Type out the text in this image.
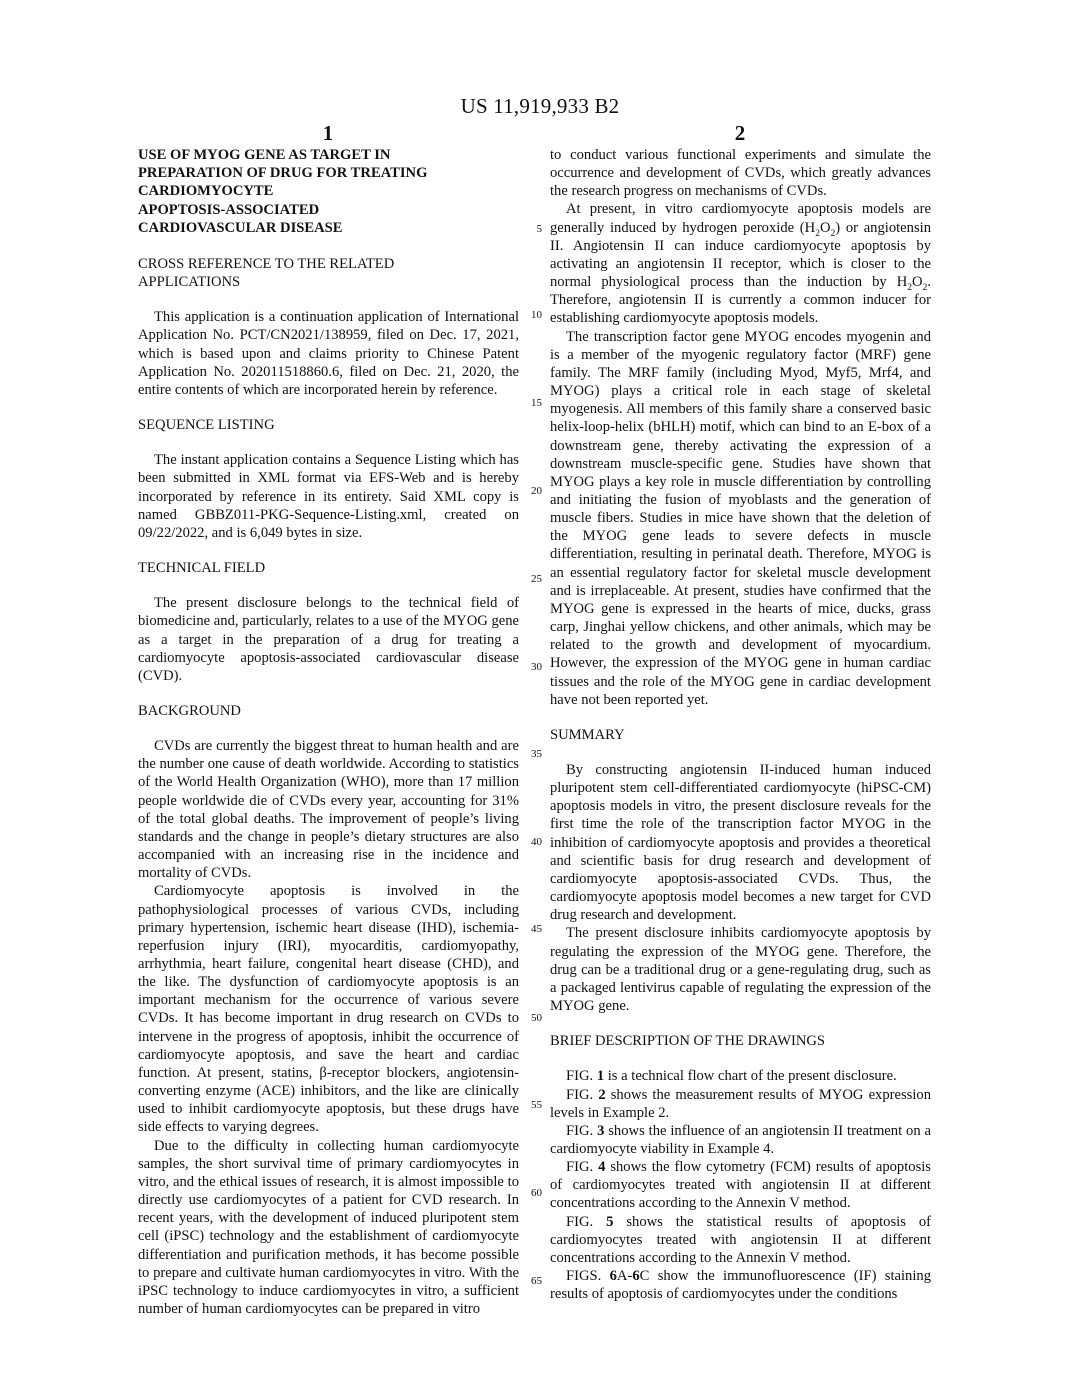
US 11,919,933 B2
1	2

USE OF MYOG GENE AS TARGET IN

PREPARATION OF DRUG FOR TREATING

CARDIOMYOCYTE

APOPTOSIS-ASSOCIATED

CARDIOVASCULAR DISEASE

CROSS REFERENCE TO THE RELATED

APPLICATIONS

This application is a continuation application of International Application No. PCT/CN2021/138959, filed on Dec. 17, 2021, which is based upon and claims priority to Chinese Patent Application No. 202011518860.6, filed on Dec. 21, 2020, the entire contents of which are incorporated herein by reference.

SEQUENCE LISTING

The instant application contains a Sequence Listing which has been submitted in XML format via EFS-Web and is hereby incorporated by reference in its entirety. Said XML copy is named GBBZ011-PKG-Sequence-Listing.xml, created on 09/22/2022, and is 6,049 bytes in size.

TECHNICAL FIELD

The present disclosure belongs to the technical field of biomedicine and, particularly, relates to a use of the MYOG gene as a target in the preparation of a drug for treating a cardiomyocyte apoptosis-associated cardiovascular disease (CVD).

BACKGROUND

CVDs are currently the biggest threat to human health and are the number one cause of death worldwide. According to statistics of the World Health Organization (WHO), more than 17 million people worldwide die of CVDs every year, accounting for 31% of the total global deaths. The improvement of people’s living standards and the change in people’s dietary structures are also accompanied with an increasing rise in the incidence and mortality of CVDs.

Cardiomyocyte apoptosis is involved in the pathophysiological processes of various CVDs, including primary hypertension, ischemic heart disease (IHD), ischemia-reperfusion injury (IRI), myocarditis, cardiomyopathy, arrhythmia, heart failure, congenital heart disease (CHD), and the like. The dysfunction of cardiomyocyte apoptosis is an important mechanism for the occurrence of various severe CVDs. It has become important in drug research on CVDs to intervene in the progress of apoptosis, inhibit the occurrence of cardiomyocyte apoptosis, and save the heart and cardiac function. At present, statins, β-receptor blockers, angiotensin-converting enzyme (ACE) inhibitors, and the like are clinically used to inhibit cardiomyocyte apoptosis, but these drugs have side effects to varying degrees.

Due to the difficulty in collecting human cardiomyocyte samples, the short survival time of primary cardiomyocytes in vitro, and the ethical issues of research, it is almost impossible to directly use cardiomyocytes of a patient for CVD research. In recent years, with the development of induced pluripotent stem cell (iPSC) technology and the establishment of cardiomyocyte differentiation and purification methods, it has become possible to prepare and cultivate human cardiomyocytes in vitro. With the iPSC technology to induce cardiomyocytes in vitro, a sufficient number of human cardiomyocytes can be prepared in vitro

5
10
15
20
25
30
35
40
45
50
55
60
65

to conduct various functional experiments and simulate the occurrence and development of CVDs, which greatly advances the research progress on mechanisms of CVDs.

At present, in vitro cardiomyocyte apoptosis models are generally induced by hydrogen peroxide $(H_2O_2)$ or angiotensin II. Angiotensin II can induce cardiomyocyte apoptosis by activating an angiotensin II receptor, which is closer to the normal physiological process than the induction by $H_2O_2$. Therefore, angiotensin II is currently a common inducer for establishing cardiomyocyte apoptosis models.

The transcription factor gene MYOG encodes myogenin and is a member of the myogenic regulatory factor (MRF) gene family. The MRF family (including Myod, Myf5, Mrf4, and MYOG) plays a critical role in each stage of skeletal myogenesis. All members of this family share a conserved basic helix-loop-helix (bHLH) motif, which can bind to an E-box of a downstream gene, thereby activating the expression of a downstream muscle-specific gene. Studies have shown that MYOG plays a key role in muscle differentiation by controlling and initiating the fusion of myoblasts and the generation of muscle fibers. Studies in mice have shown that the deletion of the MYOG gene leads to severe defects in muscle differentiation, resulting in perinatal death. Therefore, MYOG is an essential regulatory factor for skeletal muscle development and is irreplaceable. At present, studies have confirmed that the MYOG gene is expressed in the hearts of mice, ducks, grass carp, Jinghai yellow chickens, and other animals, which may be related to the growth and development of myocardium. However, the expression of the MYOG gene in human cardiac tissues and the role of the MYOG gene in cardiac development have not been reported yet.

SUMMARY

By constructing angiotensin II-induced human induced pluripotent stem cell-differentiated cardiomyocyte (hiPSC-CM) apoptosis models in vitro, the present disclosure reveals for the first time the role of the transcription factor MYOG in the inhibition of cardiomyocyte apoptosis and provides a theoretical and scientific basis for drug research and development of cardiomyocyte apoptosis-associated CVDs. Thus, the cardiomyocyte apoptosis model becomes a new target for CVD drug research and development.

The present disclosure inhibits cardiomyocyte apoptosis by regulating the expression of the MYOG gene. Therefore, the drug can be a traditional drug or a gene-regulating drug, such as a packaged lentivirus capable of regulating the expression of the MYOG gene.

BRIEF DESCRIPTION OF THE DRAWINGS

FIG. 1 is a technical flow chart of the present disclosure.

FIG. 2 shows the measurement results of MYOG expression levels in Example 2.

FIG. 3 shows the influence of an angiotensin II treatment on a cardiomyocyte viability in Example 4.

FIG. 4 shows the flow cytometry (FCM) results of apoptosis of cardiomyocytes treated with angiotensin II at different concentrations according to the Annexin V method.

FIG. 5 shows the statistical results of apoptosis of cardiomyocytes treated with angiotensin II at different concentrations according to the Annexin V method.

FIGS. 6A-6C show the immunofluorescence (IF) staining results of apoptosis of cardiomyocytes under the conditions
